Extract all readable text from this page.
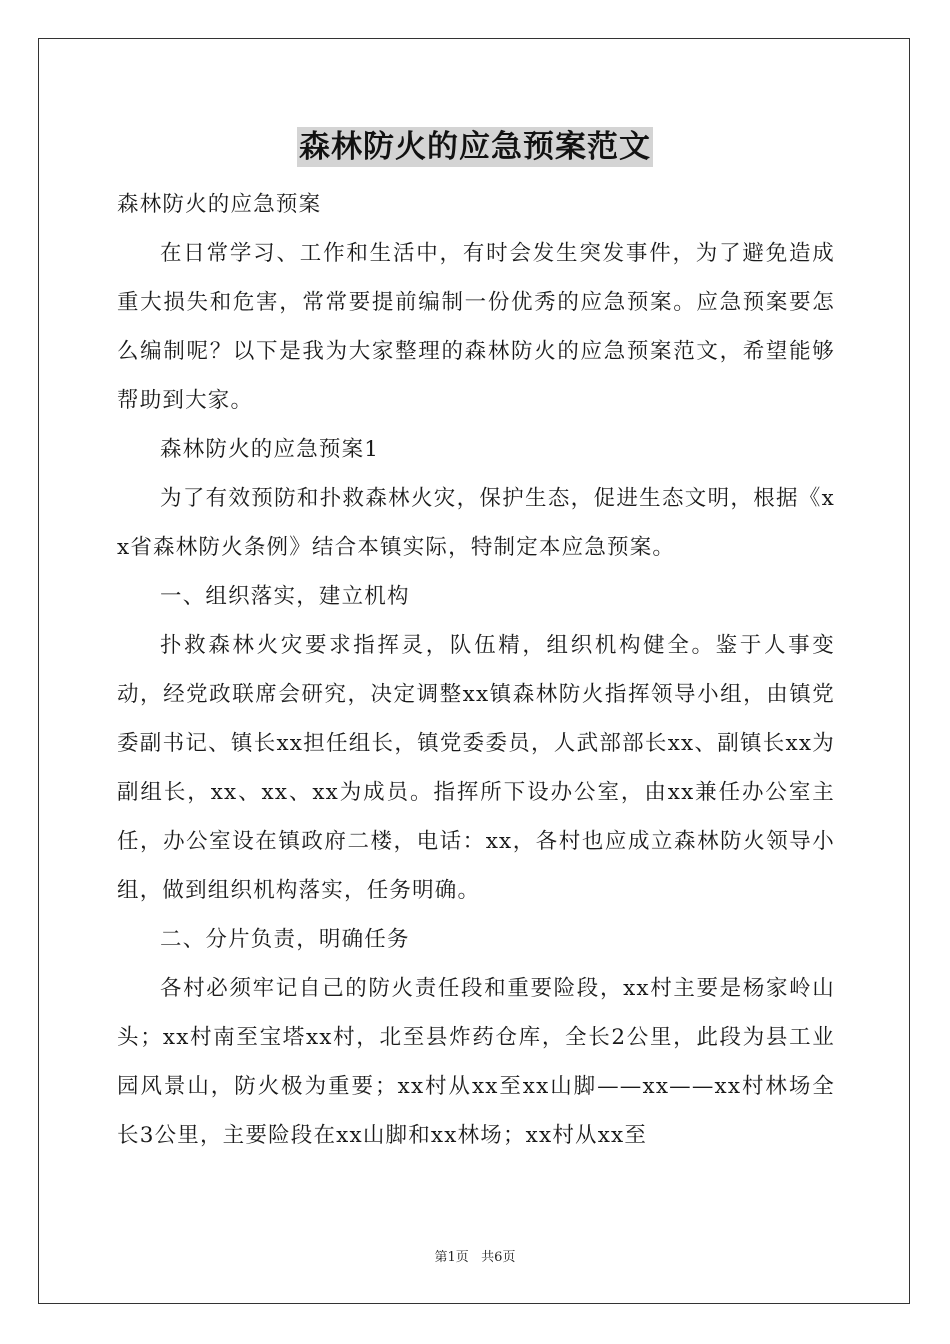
森林防火的应急预案范文

森林防火的应急预案

在日常学习、工作和生活中，有时会发生突发事件，为了避免造成重大损失和危害，常常要提前编制一份优秀的应急预案。应急预案要怎么编制呢？以下是我为大家整理的森林防火的应急预案范文，希望能够帮助到大家。

森林防火的应急预案1

为了有效预防和扑救森林火灾，保护生态，促进生态文明，根据《xx省森林防火条例》结合本镇实际，特制定本应急预案。

一、组织落实，建立机构

扑救森林火灾要求指挥灵，队伍精，组织机构健全。鉴于人事变动，经党政联席会研究，决定调整xx镇森林防火指挥领导小组，由镇党委副书记、镇长xx担任组长，镇党委委员，人武部部长xx、副镇长xx为副组长，xx、xx、xx为成员。指挥所下设办公室，由xx兼任办公室主任，办公室设在镇政府二楼，电话：xx，各村也应成立森林防火领导小组，做到组织机构落实，任务明确。

二、分片负责，明确任务

各村必须牢记自己的防火责任段和重要险段，xx村主要是杨家岭山头；xx村南至宝塔xx村，北至县炸药仓库，全长2公里，此段为县工业园风景山，防火极为重要；xx村从xx至xx山脚——xx——xx村林场全长3公里，主要险段在xx山脚和xx林场；xx村从xx至

第1页   共6页
